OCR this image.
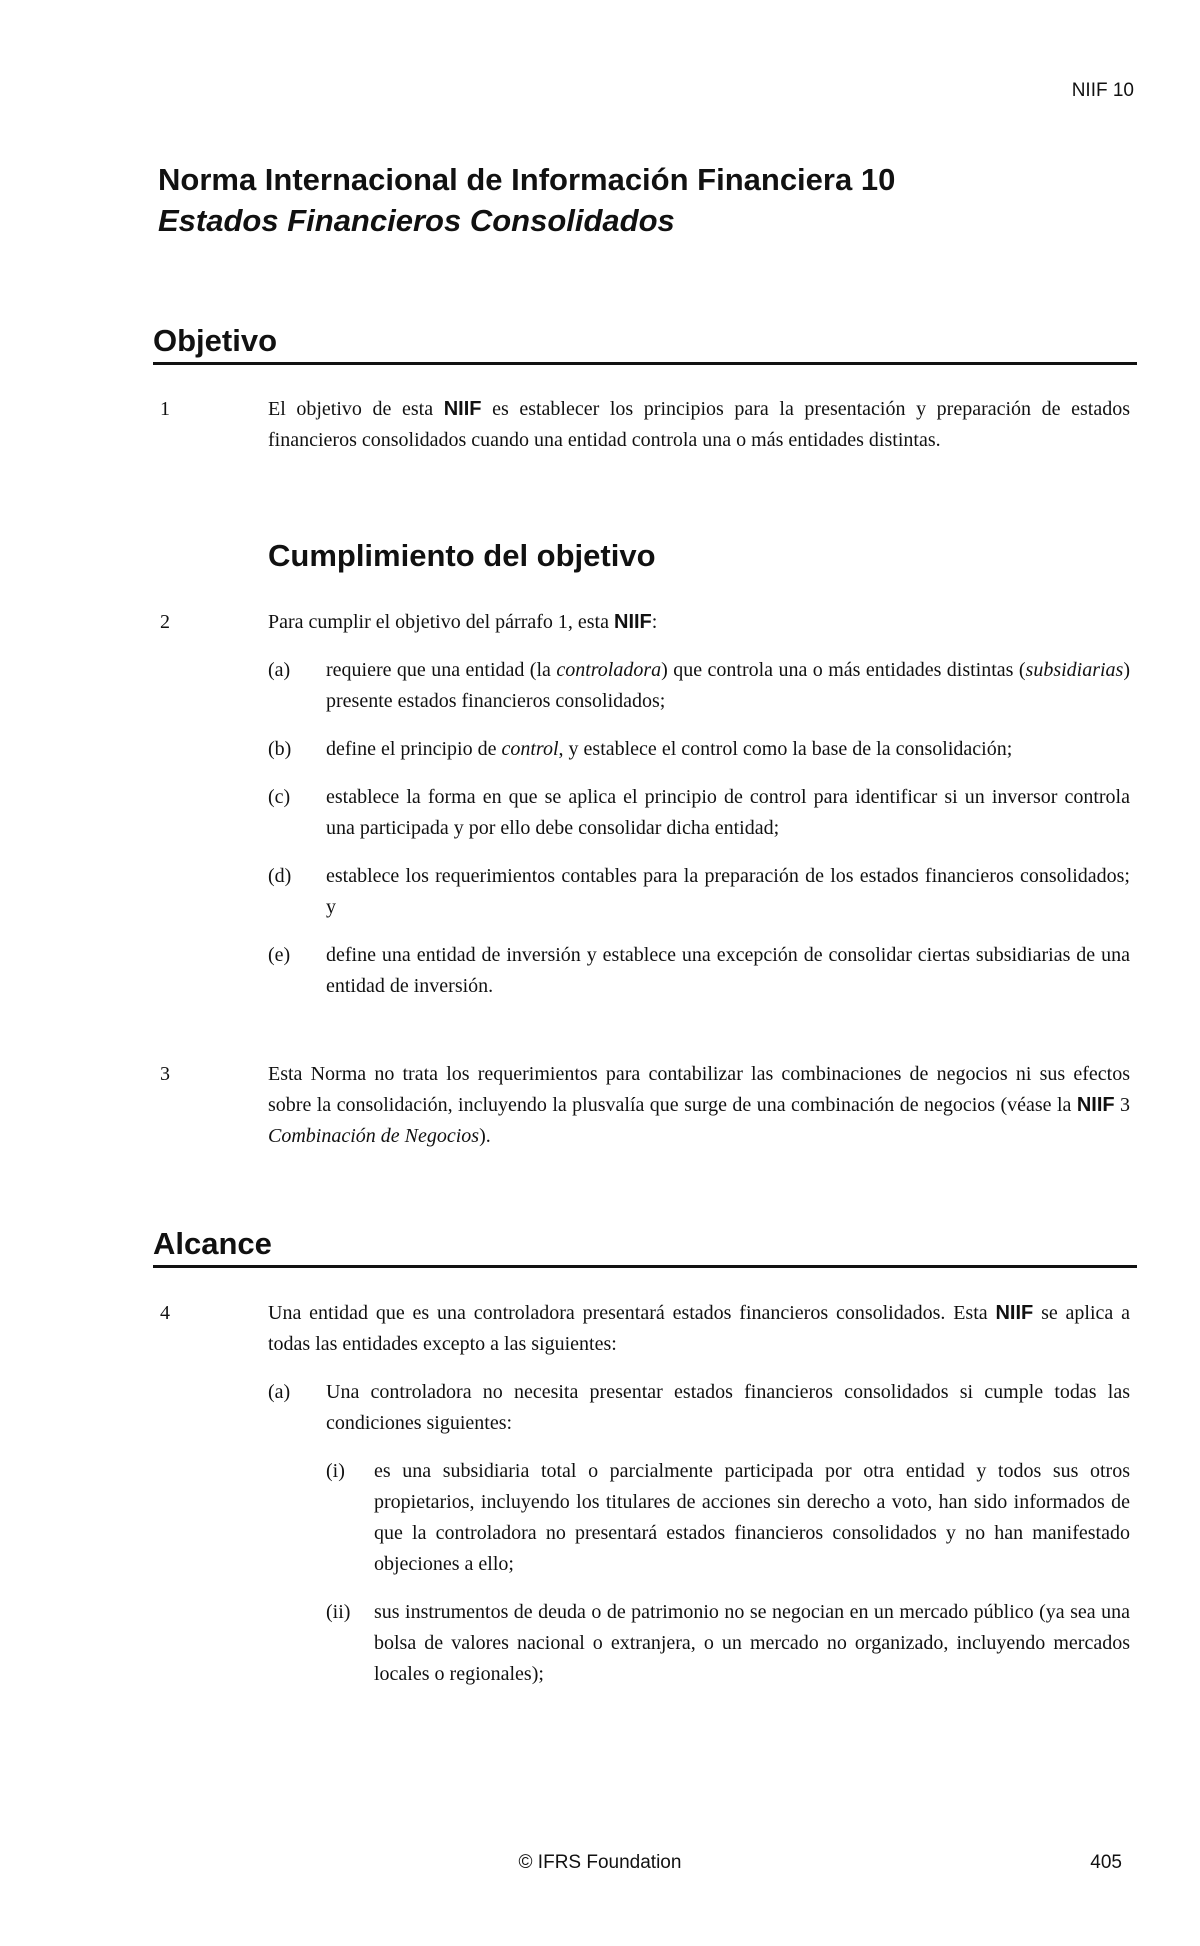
NIIF 10
Norma Internacional de Información Financiera 10
Estados Financieros Consolidados
Objetivo
1	El objetivo de esta NIIF es establecer los principios para la presentación y preparación de estados financieros consolidados cuando una entidad controla una o más entidades distintas.
Cumplimiento del objetivo
2	Para cumplir el objetivo del párrafo 1, esta NIIF:
(a) requiere que una entidad (la controladora) que controla una o más entidades distintas (subsidiarias) presente estados financieros consolidados;
(b) define el principio de control, y establece el control como la base de la consolidación;
(c) establece la forma en que se aplica el principio de control para identificar si un inversor controla una participada y por ello debe consolidar dicha entidad;
(d) establece los requerimientos contables para la preparación de los estados financieros consolidados; y
(e) define una entidad de inversión y establece una excepción de consolidar ciertas subsidiarias de una entidad de inversión.
3	Esta Norma no trata los requerimientos para contabilizar las combinaciones de negocios ni sus efectos sobre la consolidación, incluyendo la plusvalía que surge de una combinación de negocios (véase la NIIF 3 Combinación de Negocios).
Alcance
4	Una entidad que es una controladora presentará estados financieros consolidados. Esta NIIF se aplica a todas las entidades excepto a las siguientes:
(a) Una controladora no necesita presentar estados financieros consolidados si cumple todas las condiciones siguientes:
(i) es una subsidiaria total o parcialmente participada por otra entidad y todos sus otros propietarios, incluyendo los titulares de acciones sin derecho a voto, han sido informados de que la controladora no presentará estados financieros consolidados y no han manifestado objeciones a ello;
(ii) sus instrumentos de deuda o de patrimonio no se negocian en un mercado público (ya sea una bolsa de valores nacional o extranjera, o un mercado no organizado, incluyendo mercados locales o regionales);
© IFRS Foundation	405
